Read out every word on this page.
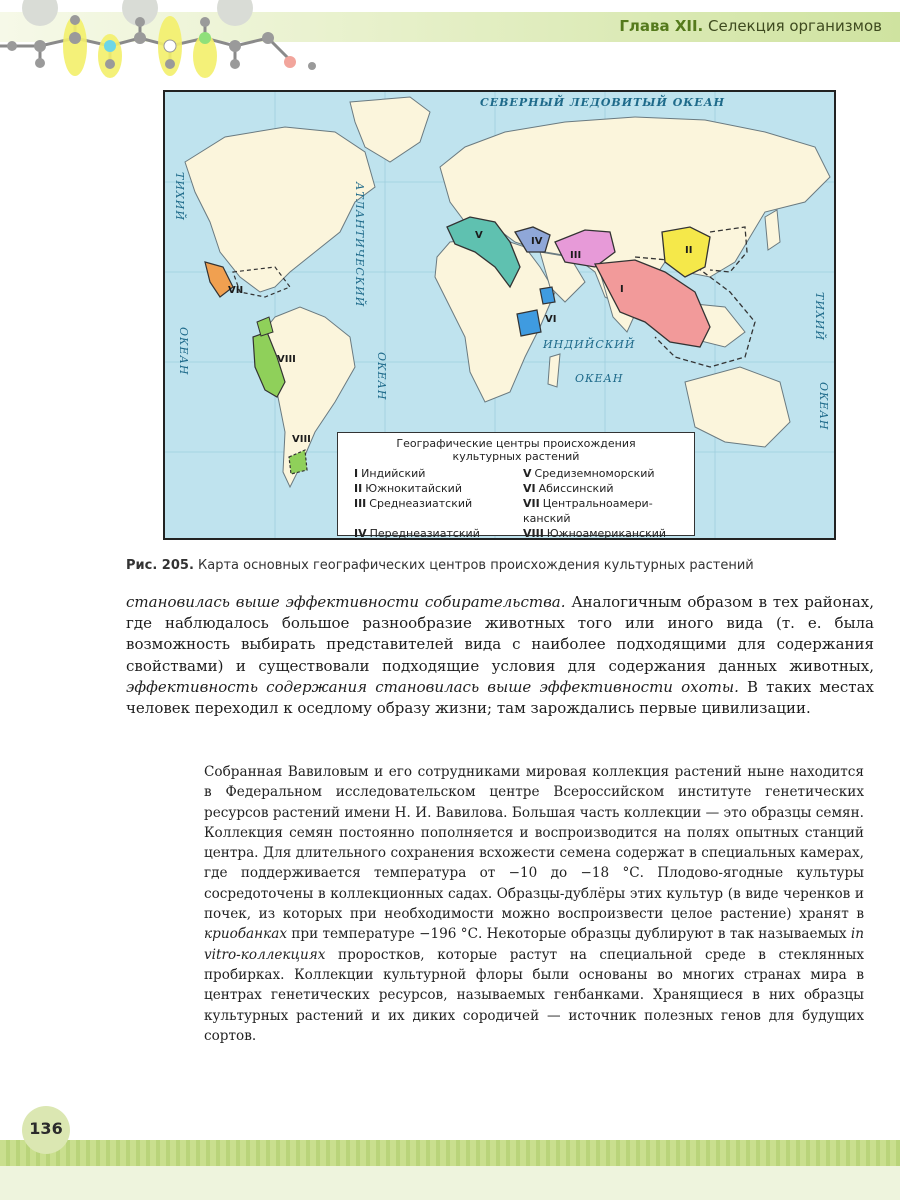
Глава XII. Селекция организмов
СЕВЕРНЫЙ ЛЕДОВИТЫЙ ОКЕАН
ТИХИЙ
ОКЕАН
АТЛАНТИЧЕСКИЙ
ОКЕАН
ИНДИЙСКИЙ
ОКЕАН
ТИХИЙ
ОКЕАН
I
II
III
IV
V
VI
VII
VIII
VIII	Географические центры происхождения
культурных растений
I Индийский	V Средиземноморский
II Южнокитайский	VI Абиссинский
III Среднеазиатский	VII Центральноамери-канский
IV Переднеазиатский	VIII Южноамериканский
Рис. 205. Карта основных географических центров происхождения культурных растений
становилась выше эффективности собирательства. Аналогичным образом в тех районах, где наблюдалось большое разнообразие животных того или иного вида (т. е. была возможность выбирать представителей вида с наиболее подходящими для содержания свойствами) и существовали подходящие условия для содержания данных животных, эффективность содержания становилась выше эффективности охоты. В таких местах человек переходил к оседлому образу жизни; там зарождались первые цивилизации.
Собранная Вавиловым и его сотрудниками мировая коллекция растений ныне находится в Федеральном исследовательском центре Всероссийском институте генетических ресурсов растений имени Н. И. Вавилова. Большая часть коллекции — это образцы семян. Коллекция семян постоянно пополняется и воспроизводится на полях опытных станций центра. Для длительного сохранения всхожести семена содержат в специальных камерах, где поддерживается температура от −10 до −18 °С. Плодово-ягодные культуры сосредоточены в коллекционных садах. Образцы-дублёры этих культур (в виде черенков и почек, из которых при необходимости можно воспроизвести целое растение) хранят в криобанках при температуре −196 °С. Некоторые образцы дублируют в так называемых in vitro-коллекциях проростков, которые растут на специальной среде в стеклянных пробирках. Коллекции культурной флоры были основаны во многих странах мира в центрах генетических ресурсов, называемых генбанками. Хранящиеся в них образцы культурных растений и их диких сородичей — источник полезных генов для будущих сортов.
136
